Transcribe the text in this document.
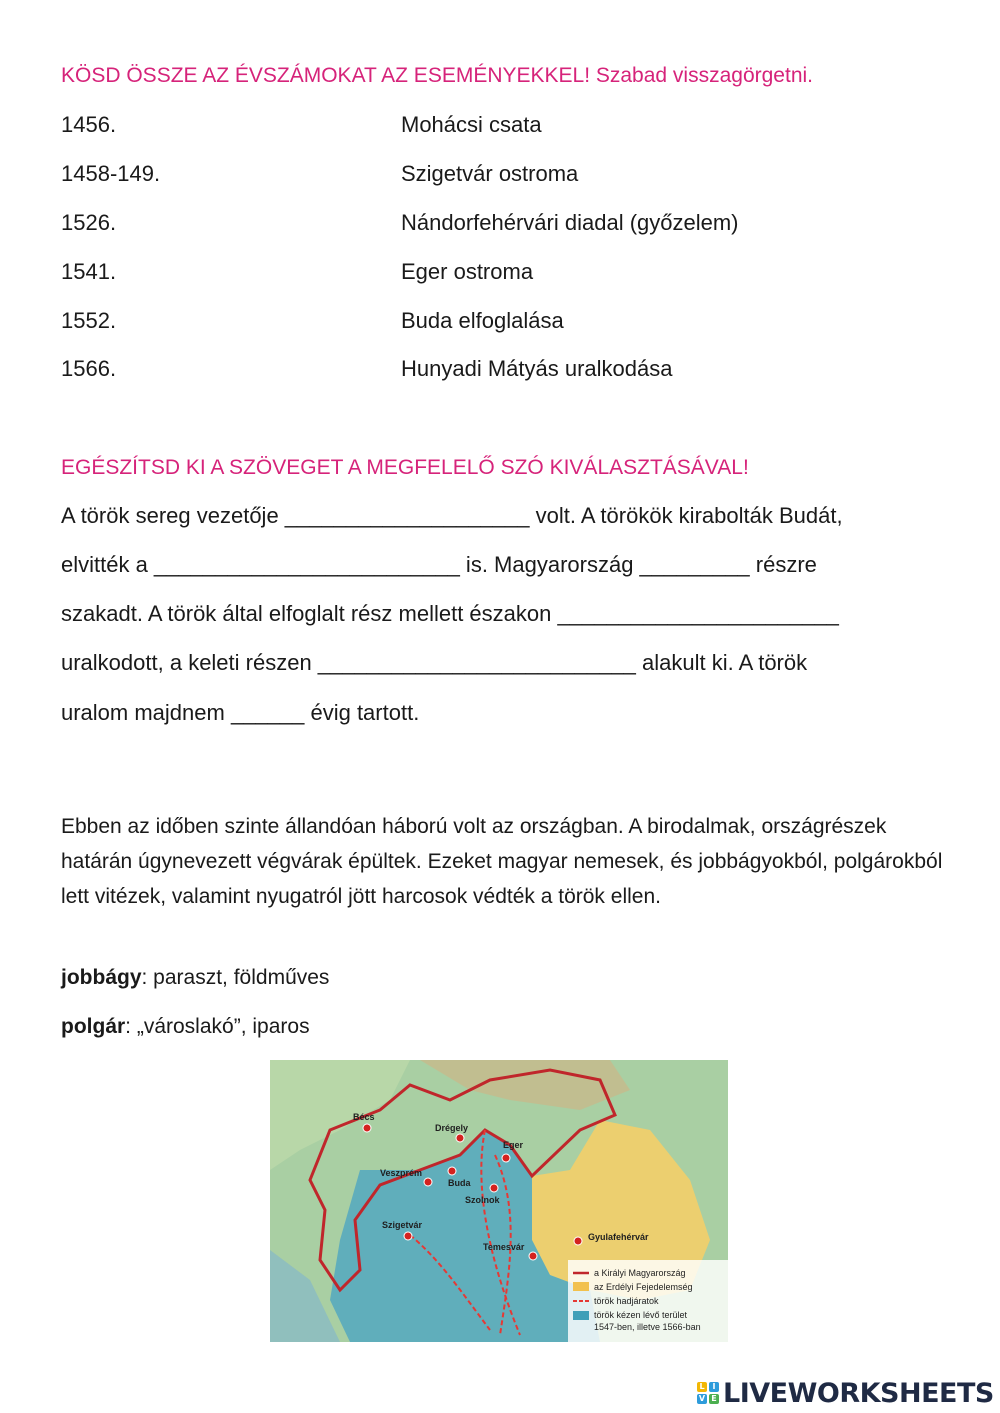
KÖSD ÖSSZE AZ ÉVSZÁMOKAT AZ ESEMÉNYEKKEL! Szabad visszagörgetni.
1456.	Mohácsi csata
1458-149.	Szigetvár ostroma
1526.	Nándorfehérvári diadal (győzelem)
1541.	Eger ostroma
1552.	Buda elfoglalása
1566.	Hunyadi Mátyás uralkodása
EGÉSZÍTSD KI A SZÖVEGET A MEGFELELŐ SZÓ KIVÁLASZTÁSÁVAL!
A török sereg vezetője ____________________ volt. A törökök kirabolták Budát,
elvitték a _________________________ is. Magyarország _________ részre
szakadt. A török által elfoglalt rész mellett északon _______________________
uralkodott, a keleti részen __________________________ alakult ki. A török
uralom majdnem ______ évig tartott.
Ebben az időben szinte állandóan háború volt az országban. A birodalmak, országrészek határán úgynevezett végvárak épültek. Ezeket magyar nemesek, és jobbágyokból, polgárokból lett vitézek, valamint nyugatról jött harcosok védték a török ellen.
jobbágy: paraszt, földműves
polgár: „városlakó”, iparos
Bécs
Drégely
Eger
Veszprém
Buda
Szolnok
Szigetvár
Gyulafehérvár
Temesvár
a Királyi Magyarország
az Erdélyi Fejedelemség
török hadjáratok
török kézen lévő terület
1547-ben, illetve 1566-ban
L I
V E LIVEWORKSHEETS
